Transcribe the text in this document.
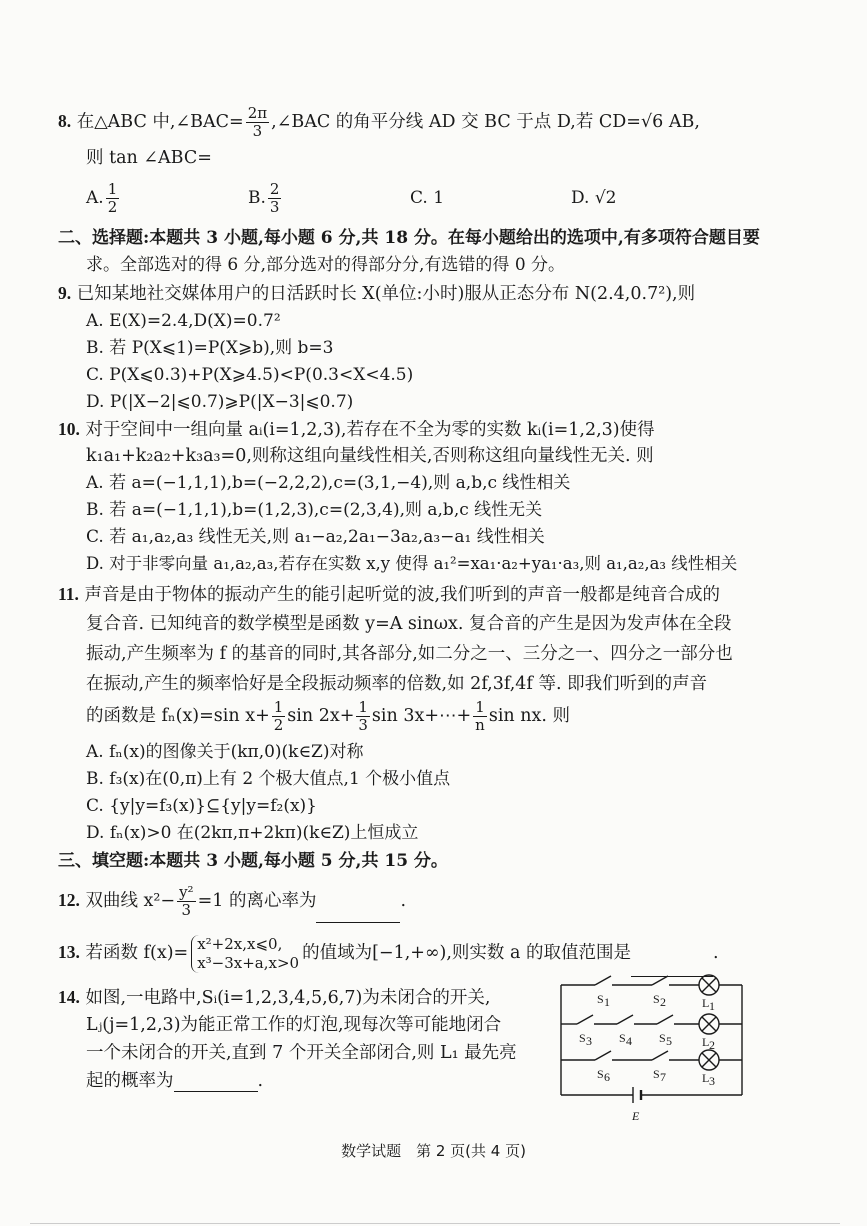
8. 在△ABC 中,∠BAC= $\frac{2\pi}{3}$ ,∠BAC 的角平分线 AD 交 BC 于点 D,若 CD=√6 AB,
则 tan ∠ABC=
A. $\frac{1}{2}$	B. $\frac{2}{3}$	C. 1	D. √2
二、选择题:本题共 3 小题,每小题 6 分,共 18 分。在每小题给出的选项中,有多项符合题目要
求。全部选对的得 6 分,部分选对的得部分分,有选错的得 0 分。
9. 已知某地社交媒体用户的日活跃时长 X(单位:小时)服从正态分布 N(2.4,0.7²),则
A. E(X)=2.4,D(X)=0.7²
B. 若 P(X⩽1)=P(X⩾b),则 b=3
C. P(X⩽0.3)+P(X⩾4.5)<P(0.3<X<4.5)
D. P(|X−2|⩽0.7)⩾P(|X−3|⩽0.7)
10. 对于空间中一组向量 aᵢ(i=1,2,3),若存在不全为零的实数 kᵢ(i=1,2,3)使得
k₁a₁+k₂a₂+k₃a₃=0,则称这组向量线性相关,否则称这组向量线性无关. 则
A. 若 a=(−1,1,1),b=(−2,2,2),c=(3,1,−4),则 a,b,c 线性相关
B. 若 a=(−1,1,1),b=(1,2,3),c=(2,3,4),则 a,b,c 线性无关
C. 若 a₁,a₂,a₃ 线性无关,则 a₁−a₂,2a₁−3a₂,a₃−a₁ 线性相关
D. 对于非零向量 a₁,a₂,a₃,若存在实数 x,y 使得 a₁²=xa₁·a₂+ya₁·a₃,则 a₁,a₂,a₃ 线性相关
11. 声音是由于物体的振动产生的能引起听觉的波,我们听到的声音一般都是纯音合成的
复合音. 已知纯音的数学模型是函数 y=A sinωx. 复合音的产生是因为发声体在全段
振动,产生频率为 f 的基音的同时,其各部分,如二分之一、三分之一、四分之一部分也
在振动,产生的频率恰好是全段振动频率的倍数,如 2f,3f,4f 等. 即我们听到的声音
的函数是 fₙ(x)=sin $x+ \frac{1}{2}$ $\sin 2x+ \frac{1}{3}$ sin 3x+⋯+ $\frac{1}{n}$ sin nx. 则
A. fₙ(x)的图像关于(kπ,0)(k∈Z)对称
B. f₃(x)在(0,π)上有 2 个极大值点,1 个极小值点
C. {y|y=f₃(x)}⊆{y|y=f₂(x)}
D. fₙ(x)>0 在(2kπ,π+2kπ)(k∈Z)上恒成立
三、填空题:本题共 3 小题,每小题 5 分,共 15 分。
12. 双曲线 $x^2- \frac{\text{y²}}{3} =1$ 的离心率为	.
13. 若函数 f(x)= x²+2x,x⩽0,
x³−3x+a,x>0 的值域为[−1,+∞),则实数 a 的取值范围是	.
14. 如图,一电路中,Sᵢ(i=1,2,3,4,5,6,7)为未闭合的开关,
Lⱼ(j=1,2,3)为能正常工作的灯泡,现每次等可能地闭合
一个未闭合的开关,直到 7 个开关全部闭合,则 L₁ 最先亮
起的概率为	.
S 1	S 2	L 1
S 3 S 4 S 5	L 2
S 6	S 7	L 3
E
数学试题　第 2 页(共 4 页)
